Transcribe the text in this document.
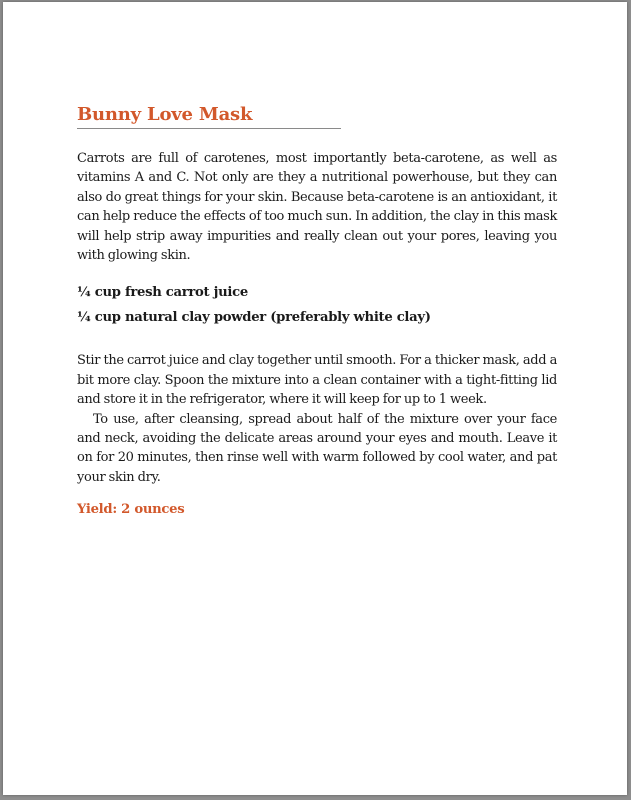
Bunny Love Mask

Carrots are full of carotenes, most importantly beta-carotene, as well as vitamins A and C. Not only are they a nutritional powerhouse, but they can also do great things for your skin. Because beta-carotene is an antioxidant, it can help reduce the effects of too much sun. In addition, the clay in this mask will help strip away impurities and really clean out your pores, leaving you with glowing skin.

¼ cup fresh carrot juice

¼ cup natural clay powder (preferably white clay)

Stir the carrot juice and clay together until smooth. For a thicker mask, add a bit more clay. Spoon the mixture into a clean container with a tight-fitting lid and store it in the refrigerator, where it will keep for up to 1 week.

To use, after cleansing, spread about half of the mixture over your face and neck, avoiding the delicate areas around your eyes and mouth. Leave it on for 20 minutes, then rinse well with warm followed by cool water, and pat your skin dry.

Yield: 2 ounces
